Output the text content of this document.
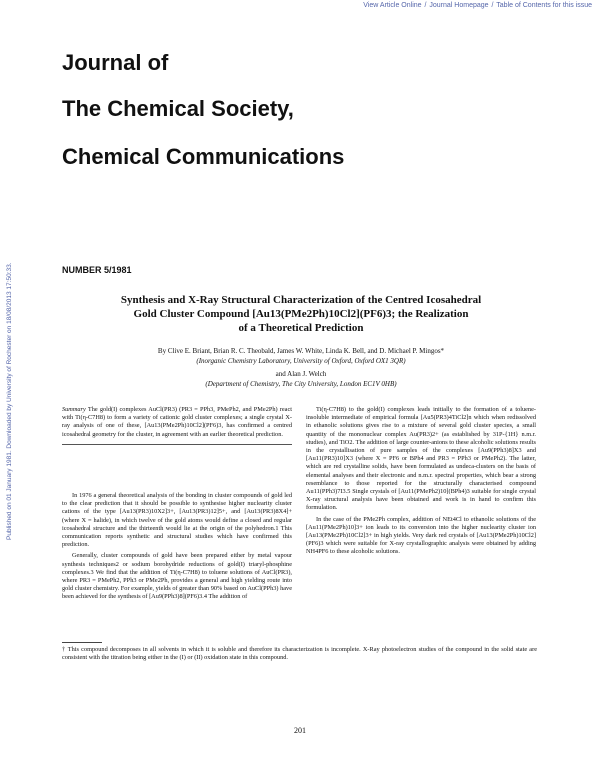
View Article Online / Journal Homepage / Table of Contents for this issue
Published on 01 January 1981. Downloaded by University of Rochester on 18/08/2013 17:50:33.
Journal of
The Chemical Society,
Chemical Communications
NUMBER 5/1981
Synthesis and X-Ray Structural Characterization of the Centred Icosahedral
Gold Cluster Compound [Au13(PMe2Ph)10Cl2](PF6)3; the Realization
of a Theoretical Prediction
By Clive E. Briant, Brian R. C. Theobald, James W. White, Linda K. Bell, and D. Michael P. Mingos*
(Inorganic Chemistry Laboratory, University of Oxford, Oxford OX1 3QR)
and Alan J. Welch
(Department of Chemistry, The City University, London EC1V 0HB)
Summary The gold(I) complexes AuCl(PR3) (PR3 = PPh3, PMePh2, and PMe2Ph) react with Ti(η-C7H8) to form a variety of cationic gold cluster complexes; a single crystal X-ray analysis of one of these, [Au13(PMe2Ph)10Cl2](PF6)3, has confirmed a centred icosahedral geometry for the cluster, in agreement with an earlier theoretical prediction.

In 1976 a general theoretical analysis of the bonding in cluster compounds of gold led to the clear prediction that it should be possible to synthesise higher nuclearity cluster cations of the type [Au13(PR3)10X2]3+, [Au13(PR3)12]5+, and [Au13(PR3)8X4]+ (where X = halide), in which twelve of the gold atoms would define a closed and regular icosahedral structure and the thirteenth would lie at the origin of the polyhedron.1 This communication reports synthetic and structural studies which have confirmed this prediction.

Generally, cluster compounds of gold have been prepared either by metal vapour synthesis techniques2 or sodium borohydride reductions of gold(I) triaryl-phosphine complexes.3 We find that the addition of Ti(η-C7H8) to toluene solutions of AuCl(PR3), where PR3 = PMePh2, PPh3 or PMe2Ph, provides a general and high yielding route into gold cluster chemistry. For example, yields of greater than 90% based on AuCl(PPh3) have been achieved for the synthesis of [Au9(PPh3)8](PF6)3.4 The addition of

Ti(η-C7H8) to the gold(I) complexes leads initially to the formation of a toluene-insoluble intermediate of empirical formula [Au5(PR3)4TiCl2]n which when redissolved in ethanolic solutions gives rise to a mixture of several gold cluster species, a small quantity of the mononuclear complex Au(PR3)2+ (as established by 31P-{1H} n.m.r. studies), and TiO2. The addition of large counter-anions to these alcoholic solutions results in the crystallisation of pure samples of the complexes [Au9(PPh3)8]X3 and [Au11(PR3)10]X3 (where X = PF6 or BPh4 and PR3 = PPh3 or PMePh2). The latter, which are red crystalline solids, have been formulated as undeca-clusters on the basis of elemental analyses and their electronic and n.m.r. spectral properties, which bear a strong resemblance to those reported for the structurally characterised compound Au11(PPh3)7I3.5 Single crystals of [Au11(PMePh2)10](BPh4)3 suitable for single crystal X-ray structural analysis have been obtained and work is in hand to confirm this formulation.

In the case of the PMe2Ph complex, addition of NEt4Cl to ethanolic solutions of the [Au11(PMe2Ph)10]3+ ion leads to its conversion into the higher nuclearity cluster ion [Au13(PMe2Ph)10Cl2]3+ in high yields. Very dark red crystals of [Au13(PMe2Ph)10Cl2](PF6)3 which were suitable for X-ray crystallographic analysis were obtained by adding NH4PF6 to these alcoholic solutions.

† This compound decomposes in all solvents in which it is soluble and therefore its characterization is incomplete. X-Ray photoelectron studies of the compound in the solid state are consistent with the titration being either in the (I) or (II) oxidation state in this compound.
201
